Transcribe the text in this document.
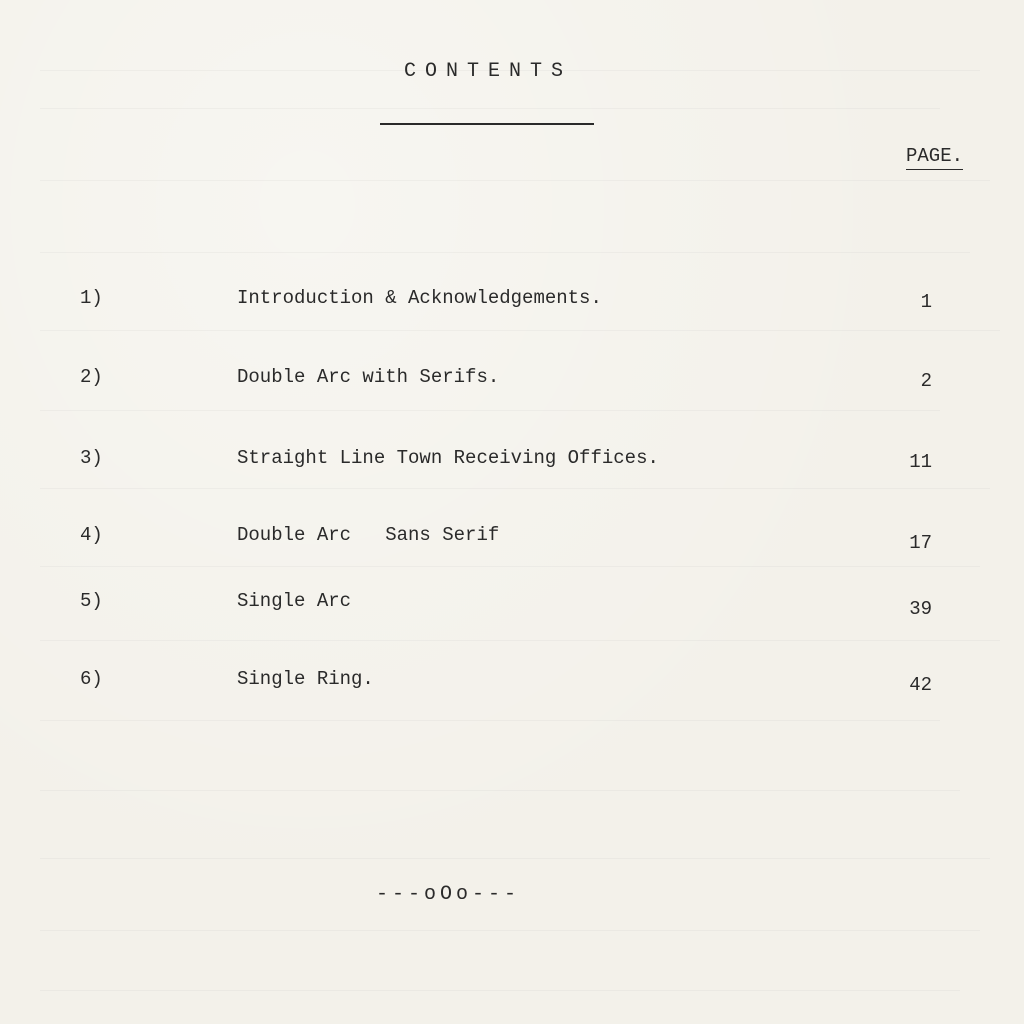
CONTENTS
PAGE.
1)	Introduction & Acknowledgements.	1
2)	Double Arc with Serifs.	2
3)	Straight Line Town Receiving Offices.	11
4)	Double Arc   Sans Serif	17
5)	Single Arc	39
6)	Single Ring.	42
---oOo---
